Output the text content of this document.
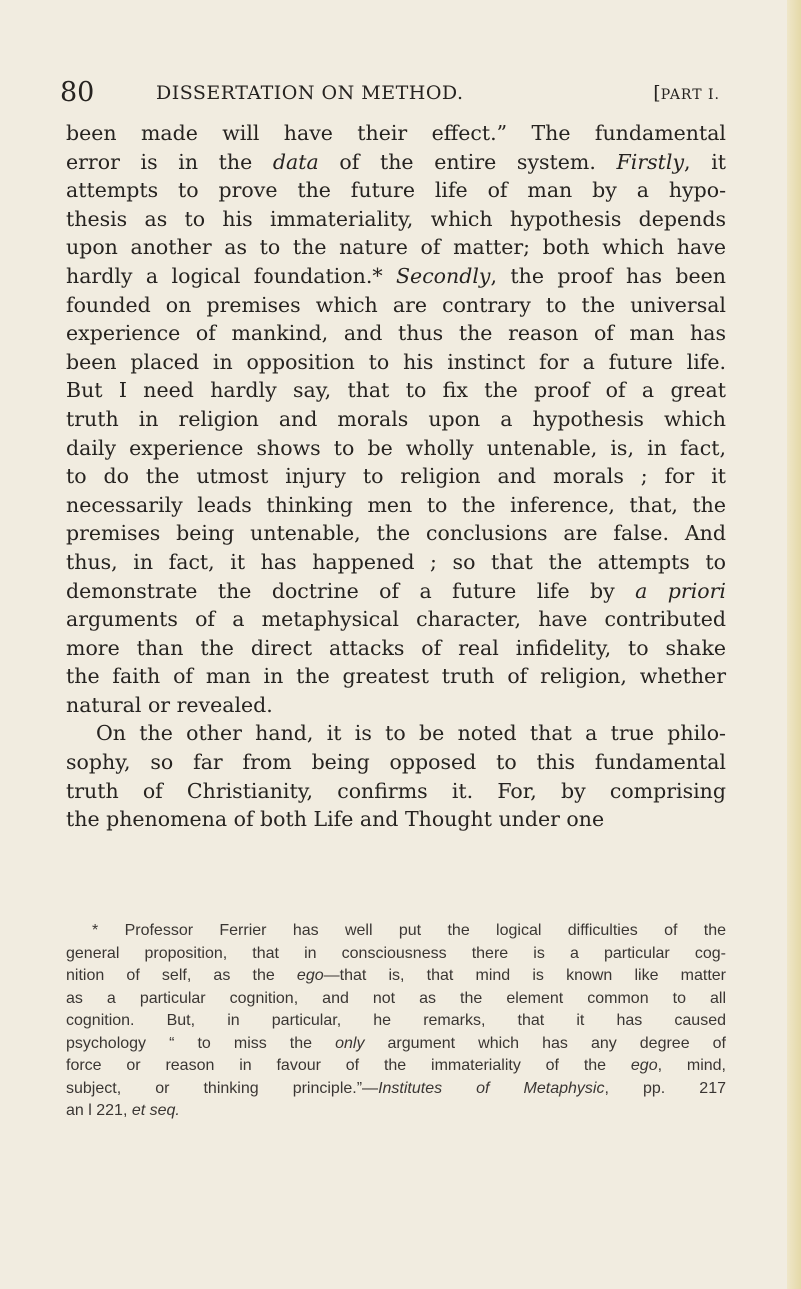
80	DISSERTATION ON METHOD.	[PART I.
been made will have their effect.” The fundamental
error is in the data of the entire system. Firstly, it
attempts to prove the future life of man by a hypo-
thesis as to his immateriality, which hypothesis depends
upon another as to the nature of matter; both which have
hardly a logical foundation.* Secondly, the proof has been
founded on premises which are contrary to the universal
experience of mankind, and thus the reason of man has
been placed in opposition to his instinct for a future life.
But I need hardly say, that to fix the proof of a great
truth in religion and morals upon a hypothesis which
daily experience shows to be wholly untenable, is, in fact,
to do the utmost injury to religion and morals ; for it
necessarily leads thinking men to the inference, that, the
premises being untenable, the conclusions are false. And
thus, in fact, it has happened ; so that the attempts to
demonstrate the doctrine of a future life by a priori
arguments of a metaphysical character, have contributed
more than the direct attacks of real infidelity, to shake
the faith of man in the greatest truth of religion, whether
natural or revealed.
On the other hand, it is to be noted that a true philo-
sophy, so far from being opposed to this fundamental
truth of Christianity, confirms it. For, by comprising
the phenomena of both Life and Thought under one
* Professor Ferrier has well put the logical difficulties of the
general proposition, that in consciousness there is a particular cog-
nition of self, as the ego—that is, that mind is known like matter
as a particular cognition, and not as the element common to all
cognition. But, in particular, he remarks, that it has caused
psychology “ to miss the only argument which has any degree of
force or reason in favour of the immateriality of the ego, mind,
subject, or thinking principle.”—Institutes of Metaphysic, pp. 217
an l 221, et seq.
